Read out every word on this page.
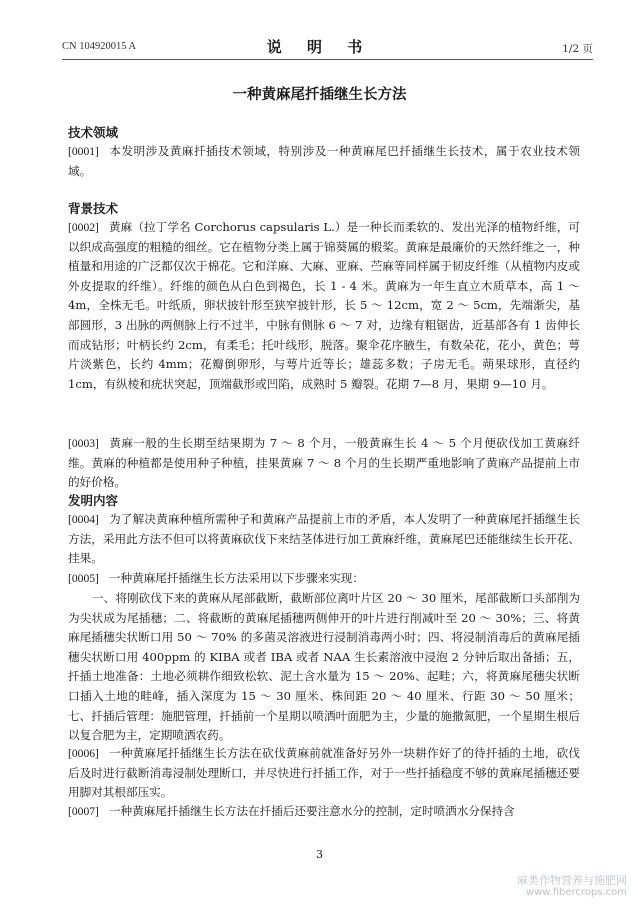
CN 104920015 A	说 明 书	1/2 页
一种黄麻尾扦插继生长方法
技术领域
[0001] 本发明涉及黄麻扦插技术领域，特别涉及一种黄麻尾巴扦插继生长技术，属于农业技术领域。
背景技术
[0002] 黄麻（拉丁学名 Corchorus capsularis L.）是一种长而柔软的、发出光泽的植物纤维，可以织成高强度的粗糙的细丝。它在植物分类上属于锦葵属的椴桨。黄麻是最廉价的天然纤维之一，种植量和用途的广泛都仅次于棉花。它和洋麻、大麻、亚麻、苎麻等同样属于韧皮纤维（从植物内皮或外皮提取的纤维）。纤维的颜色从白色到褐色，长 1 - 4 米。黄麻为一年生直立木质草本，高 1 ～ 4m，全株无毛。叶纸质，卵状披针形至狭窄披针形，长 5 ～ 12cm，宽 2 ～ 5cm，先端渐尖，基部圆形，3 出脉的两侧脉上行不过半，中脉有侧脉 6 ～ 7 对，边缘有粗锯齿，近基部各有 1 齿伸长而成钻形；叶柄长约 2cm，有柔毛；托叶线形，脱落。聚伞花序腋生，有数朵花，花小，黄色；萼片淡紫色，长约 4mm；花瓣倒卵形，与萼片近等长；雄蕊多数；子房无毛。蒴果球形，直径约 1cm，有纵棱和疣状突起，顶端截形或凹陷，成熟时 5 瓣裂。花期 7—8 月，果期 9—10 月。
[0003] 黄麻一般的生长期至结果期为 7 ～ 8 个月，一般黄麻生长 4 ～ 5 个月便砍伐加工黄麻纤维。黄麻的种植都是使用种子种植，挂果黄麻 7 ～ 8 个月的生长期严重地影响了黄麻产品提前上市的好价格。
发明内容
[0004] 为了解决黄麻种植所需种子和黄麻产品提前上市的矛盾，本人发明了一种黄麻尾扦插继生长方法，采用此方法不但可以将黄麻砍伐下来结茎体进行加工黄麻纤维，黄麻尾巴还能继续生长开花、挂果。
[0005] 一种黄麻尾扦插继生长方法采用以下步骤来实现：
一、将刚砍伐下来的黄麻从尾部截断，截断部位离叶片区 20 ～ 30 厘米，尾部截断口头部削为为尖状成为尾插穗；二、将截断的黄麻尾插穗两侧伸开的叶片进行削减叶至 20 ～ 30%；三、将黄麻尾插穗尖状断口用 50 ～ 70% 的多菌灵溶液进行浸制消毒两小时；四、将浸制消毒后的黄麻尾插穗尖状断口用 400ppm 的 KIBA 或者 IBA 或者 NAA 生长素溶液中浸泡 2 分钟后取出备插；五，扦插土地准备：土地必须耕作细致松软、泥土含水量为 15 ～ 20%、起畦；六，将黄麻尾穗尖状断口插入土地的畦峰，插入深度为 15 ～ 30 厘米、株间距 20 ～ 40 厘米、行距 30 ～ 50 厘米；七、扦插后管理：施肥管理，扦插前一个星期以喷洒叶面肥为主，少量的施撒氮肥，一个星期生根后以复合肥为主，定期喷洒农药。
[0006] 一种黄麻尾扦插继生长方法在砍伐黄麻前就准备好另外一块耕作好了的待扦插的土地，砍伐后及时进行截断消毒浸制处理断口，并尽快进行扦插工作，对于一些扦插稳度不够的黄麻尾插穗还要用脚对其根部压实。
[0007] 一种黄麻尾扦插继生长方法在扦插后还要注意水分的控制，定时喷洒水分保持含
3
麻类作物营养与施肥网
www.fibercrops.com
